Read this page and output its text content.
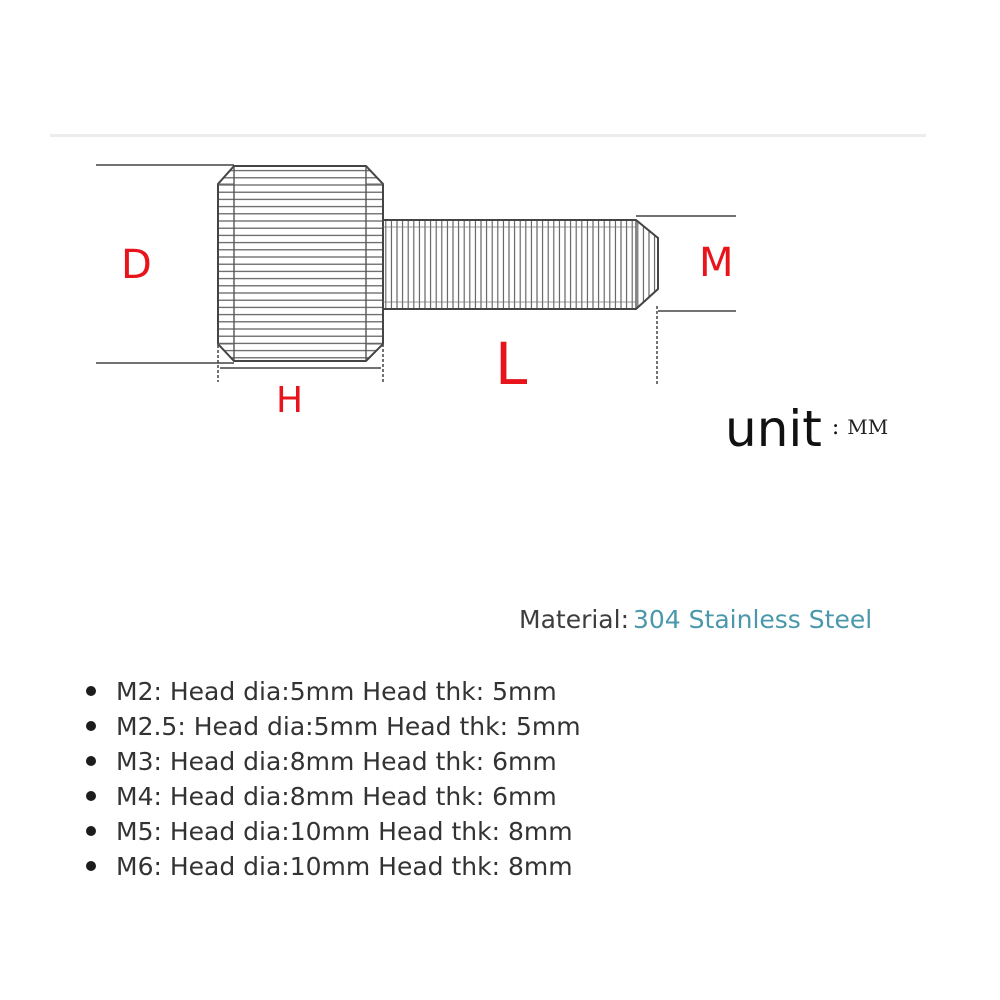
D	M
H
L
unit : MM
Material: 304 Stainless Steel
M2: Head dia:5mm Head thk: 5mm
M2.5: Head dia:5mm Head thk: 5mm
M3: Head dia:8mm Head thk: 6mm
M4: Head dia:8mm Head thk: 6mm
M5: Head dia:10mm Head thk: 8mm
M6: Head dia:10mm Head thk: 8mm
